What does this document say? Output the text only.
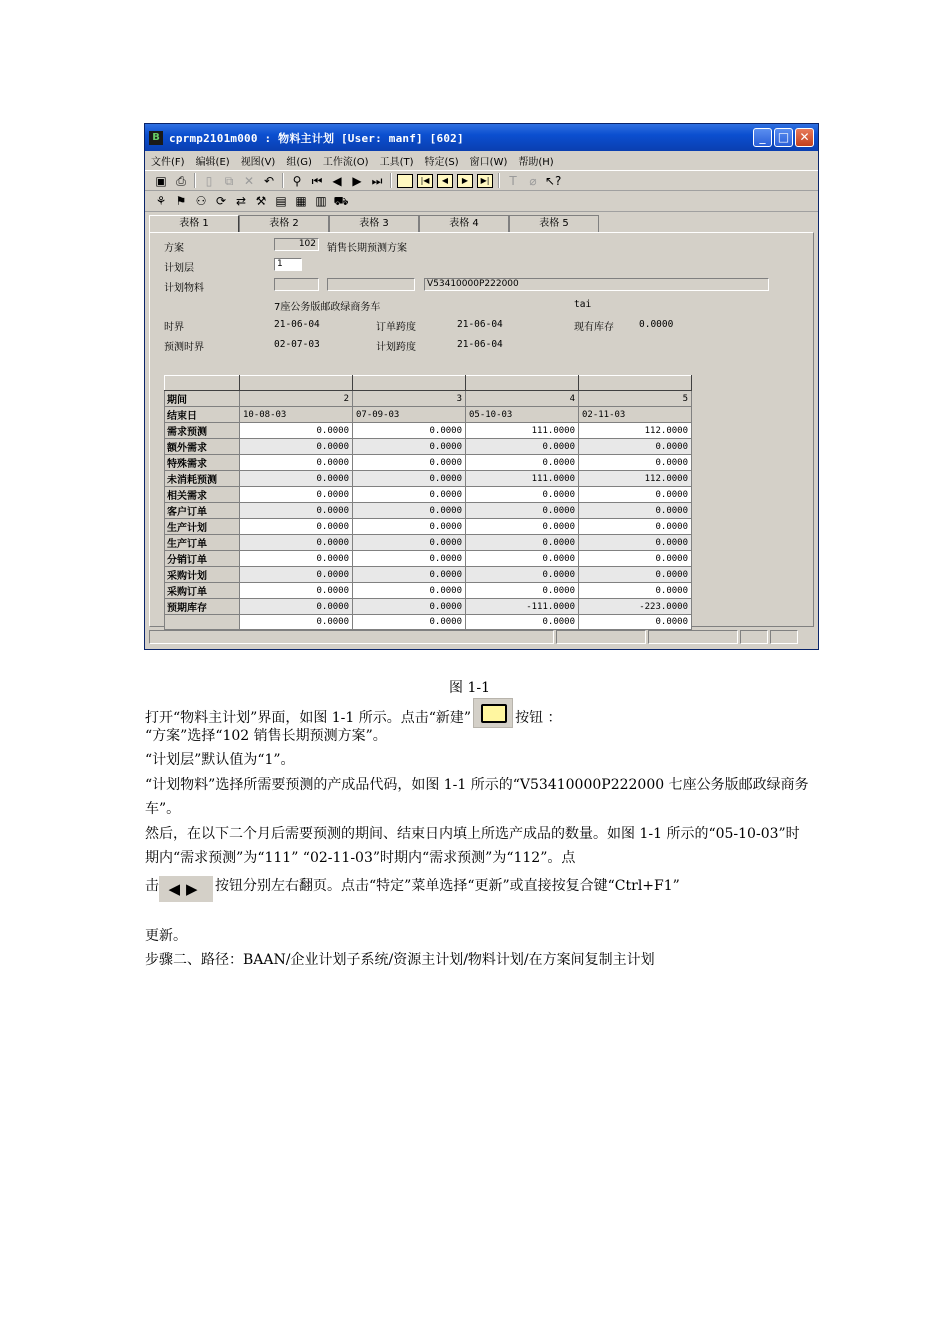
B cprmp2101m000 : 物料主计划 [User: manf] [602]	_	□ ✕
文件(F) 编辑(E) 视图(V) 组(G) 工作流(O) 工具(T) 特定(S) 窗口(W) 帮助(H)
▣ ⎙	▯	⧉ ✕ ↶ ⚲ ⏮ ◀ ▶ ⏭	|◀	◀	▶	▶|	T	⌀ ↖?
⚘ ⚑ ⚇ ⟳ ⇄ ⚒ ▤ ▦ ▥ ⛟
表格 1	表格 2	表格 3	表格 4	表格 5
方案	102	销售长期预测方案
计划层	1
计划物料	V53410000P222000
7座公务版邮政绿商务车	tai
时界	21-06-04	订单跨度	21-06-04	现有库存	0.0000
预测时界	02-07-03	计划跨度	21-06-04

期间	2	3	4	5
结束日	10-08-03	07-09-03	05-10-03	02-11-03
需求预测	0.0000	0.0000	111.0000	112.0000
额外需求	0.0000	0.0000	0.0000	0.0000
特殊需求	0.0000	0.0000	0.0000	0.0000
未消耗预测	0.0000	0.0000	111.0000	112.0000
相关需求	0.0000	0.0000	0.0000	0.0000
客户订单	0.0000	0.0000	0.0000	0.0000
生产计划	0.0000	0.0000	0.0000	0.0000
生产订单	0.0000	0.0000	0.0000	0.0000
分销订单	0.0000	0.0000	0.0000	0.0000
采购计划	0.0000	0.0000	0.0000	0.0000
采购订单	0.0000	0.0000	0.0000	0.0000
预期库存	0.0000	0.0000	-111.0000	-223.0000
	0.0000	0.0000	0.0000	0.0000
图 1-1
打开“物料主计划”界面，如图 1-1 所示。点击“新建”	按钮 ：
“方案”选择“102 销售长期预测方案”。
“计划层”默认值为“1”。
“计划物料”选择所需要预测的产成品代码，如图 1-1 所示的“V53410000P222000 七座公务版邮政绿商务车”。
然后，在以下二个月后需要预测的期间、结束日内填上所选产成品的数量。如图 1-1 所示的“05-10-03”时期内“需求预测”为“111” “02-11-03”时期内“需求预测”为“112”。点
击 ◀▶ 按钮分别左右翻页。点击“特定”菜单选择“更新”或直接按复合键“Ctrl+F1”
更新。
步骤二、路径：BAAN/企业计划子系统/资源主计划/物料计划/在方案间复制主计划
